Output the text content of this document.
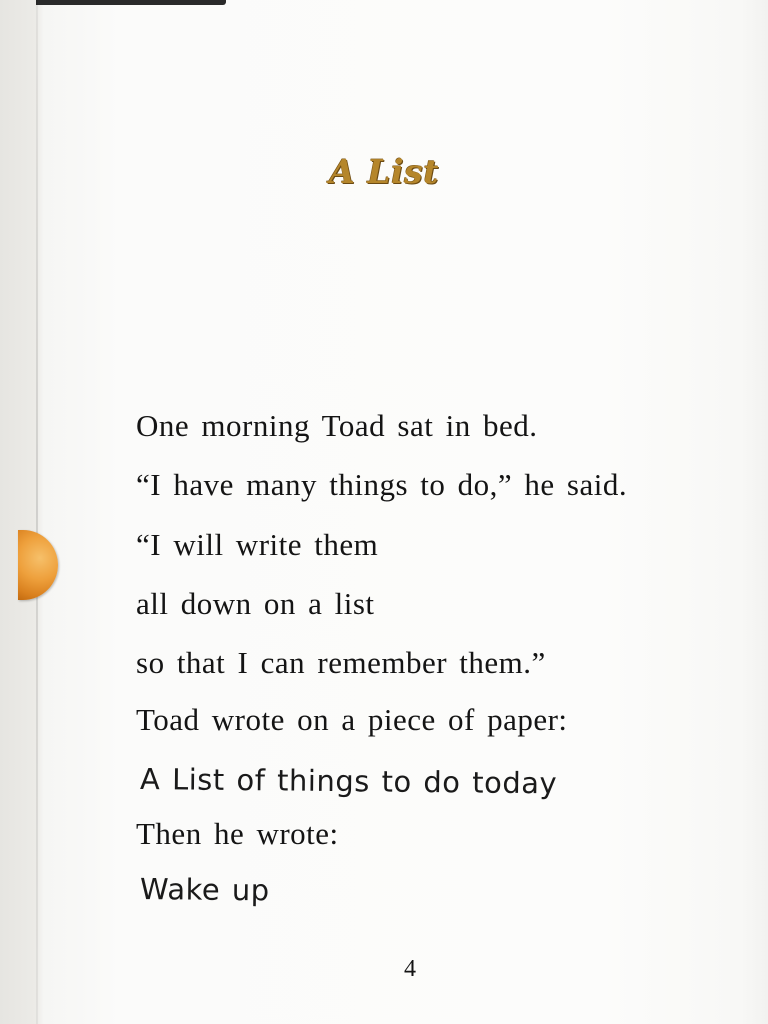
A List
One morning Toad sat in bed.
“I have many things to do,” he said.
“I will write them
all down on a list
so that I can remember them.”
Toad wrote on a piece of paper:
A List of things to do today
Then he wrote:
Wake up
4
